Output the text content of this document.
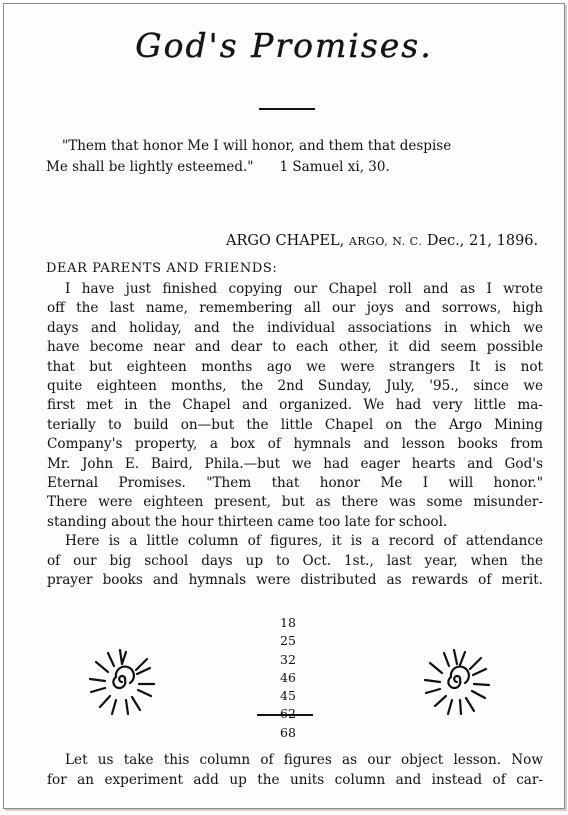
God's Promises.
"Them that honor Me I will honor, and them that despise
Me shall be lightly esteemed." 1 Samuel xi, 30.
ARGO CHAPEL, ARGO, N. C. Dec., 21, 1896.
DEAR PARENTS AND FRIENDS:
I have just finished copying our Chapel roll and as I wrote
off the last name, remembering all our joys and sorrows, high
days and holiday, and the individual associations in which we
have become near and dear to each other, it did seem possible
that but eighteen months ago we were strangers It is not
quite eighteen months, the 2nd Sunday, July, '95., since we
first met in the Chapel and organized. We had very little ma-
terially to build on—but the little Chapel on the Argo Mining
Company's property, a box of hymnals and lesson books from
Mr. John E. Baird, Phila.—but we had eager hearts and God's
Eternal Promises. "Them that honor Me I will honor."
There were eighteen present, but as there was some misunder-
standing about the hour thirteen came too late for school.
Here is a little column of figures, it is a record of attendance
of our big school days up to Oct. 1st., last year, when the
prayer books and hymnals were distributed as rewards of merit.
18
25
32
46
45
68
Let us take this column of figures as our object lesson. Now
for an experiment add up the units column and instead of car-
